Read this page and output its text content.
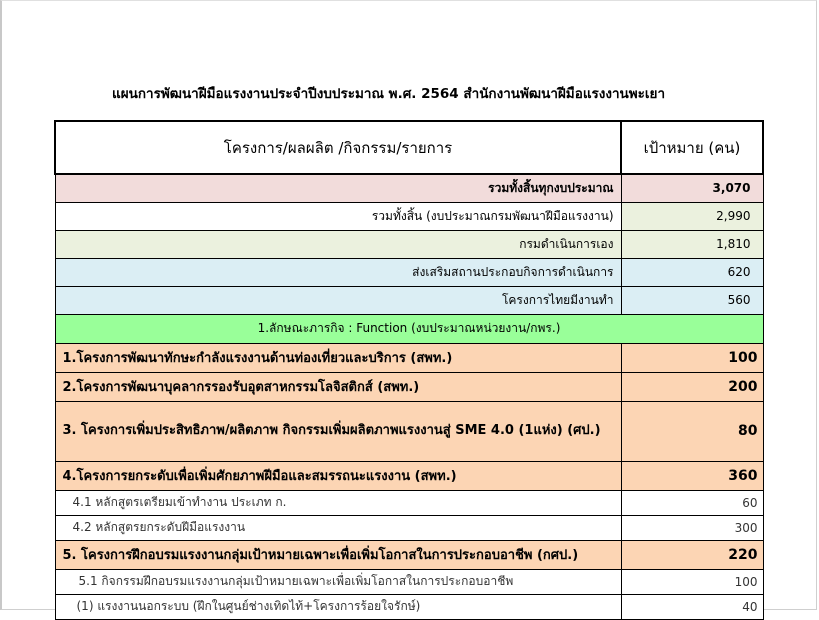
แผนการพัฒนาฝีมือแรงงานประจำปีงบประมาณ พ.ศ. 2564 สำนักงานพัฒนาฝีมือแรงงานพะเยา
โครงการ/ผลผลิต /กิจกรรม/รายการ	เป้าหมาย (คน)
รวมทั้งสิ้นทุกงบประมาณ	3,070
รวมทั้งสิ้น (งบประมาณกรมพัฒนาฝีมือแรงงาน)	2,990
กรมดำเนินการเอง	1,810
ส่งเสริมสถานประกอบกิจการดำเนินการ	620
โครงการไทยมีงานทำ	560
1.ลักษณะภารกิจ : Function (งบประมาณหน่วยงาน/กพร.)	
1.โครงการพัฒนาทักษะกำลังแรงงานด้านท่องเที่ยวและบริการ (สพท.)	100
2.โครงการพัฒนาบุคลากรรองรับอุตสาหกรรมโลจิสติกส์ (สพท.)	200
3. โครงการเพิ่มประสิทธิภาพ/ผลิตภาพ กิจกรรมเพิ่มผลิตภาพแรงงานสู่ SME 4.0 (1แห่ง) (ศป.)	80
4.โครงการยกระดับเพื่อเพิ่มศักยภาพฝีมือและสมรรถนะแรงงาน (สพท.)	360
4.1 หลักสูตรเตรียมเข้าทำงาน ประเภท ก.	60
4.2 หลักสูตรยกระดับฝีมือแรงงาน	300
5. โครงการฝึกอบรมแรงงานกลุ่มเป้าหมายเฉพาะเพื่อเพิ่มโอกาสในการประกอบอาชีพ (กศป.)	220
5.1 กิจกรรมฝึกอบรมแรงงานกลุ่มเป้าหมายเฉพาะเพื่อเพิ่มโอกาสในการประกอบอาชีพ	100
(1) แรงงานนอกระบบ (ฝึกในศูนย์ช่างเทิดไท้+โครงการร้อยใจรักษ์)	40
